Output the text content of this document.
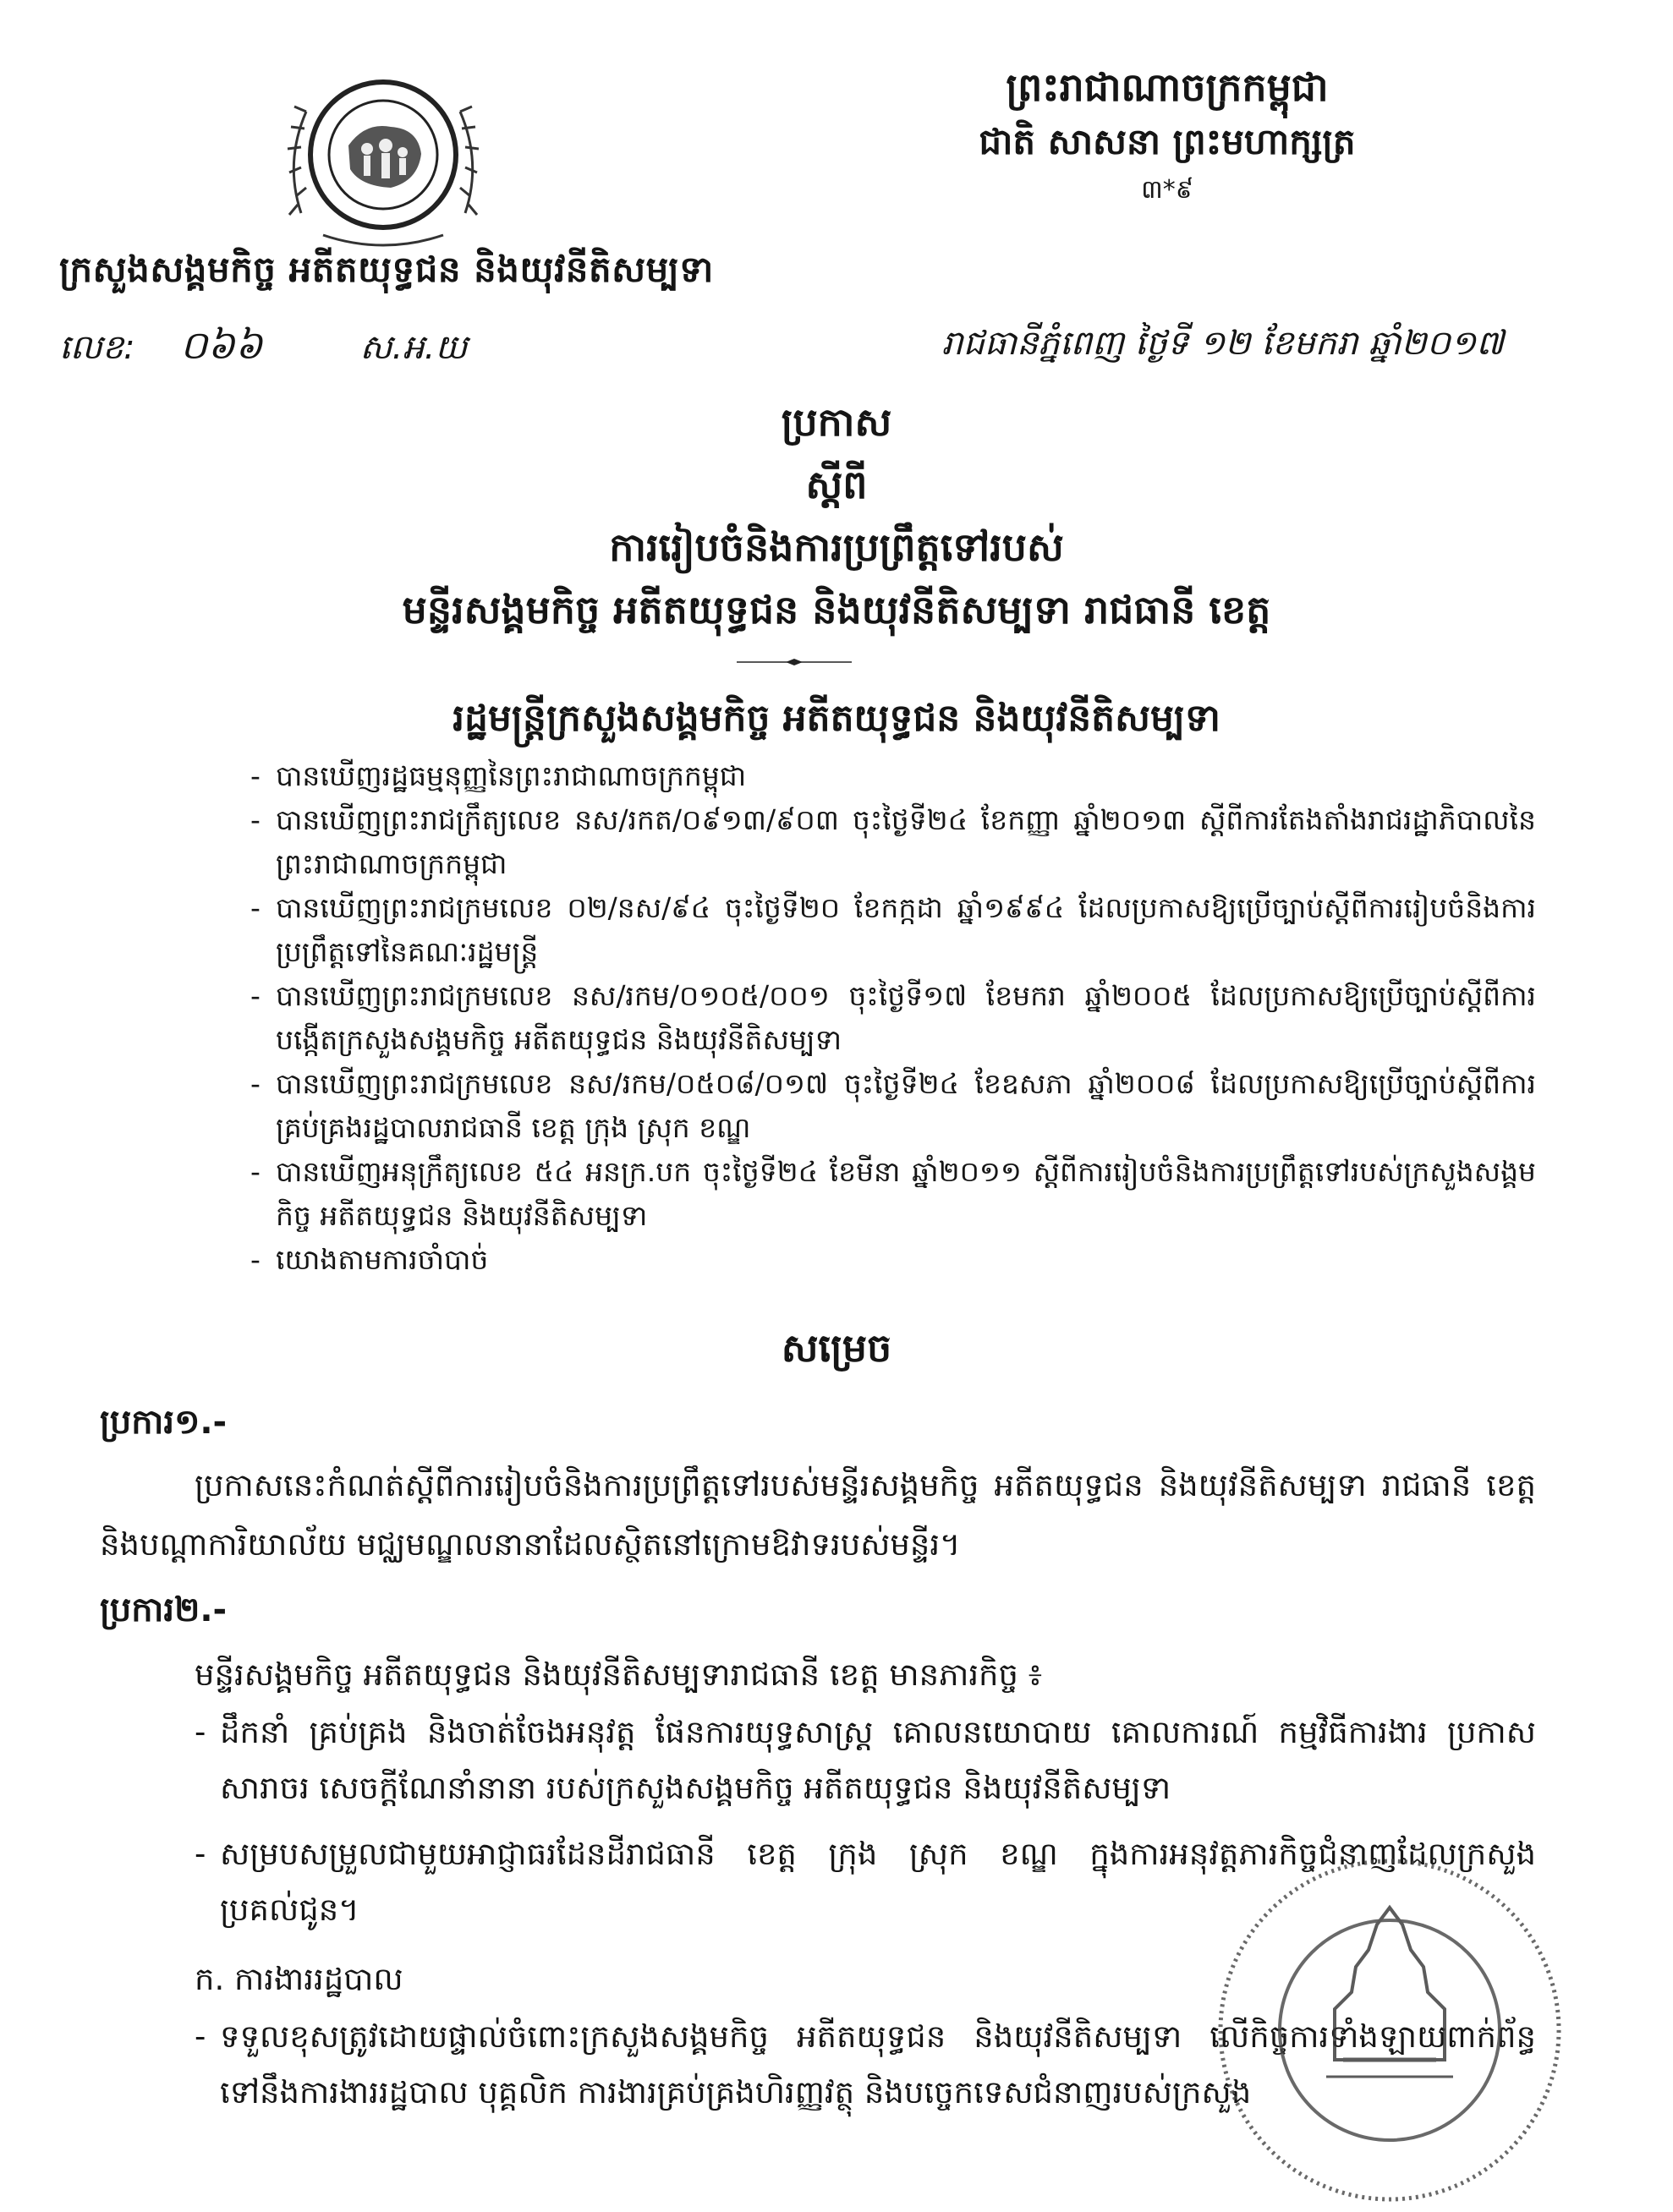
ក្រសួងសង្គមកិច្ច អតីតយុទ្ធជន និងយុវនីតិសម្បទា
ព្រះរាជាណាចក្រកម្ពុជា
ជាតិ សាសនា ព្រះមហាក្សត្រ
៣*៩
លេខ: ០៦៦	ស.អ.យ	រាជធានីភ្នំពេញ ថ្ងៃទី ១២ ខែមករា ឆ្នាំ២០១៧
ប្រកាស
ស្តីពី
ការរៀបចំនិងការប្រព្រឹត្តទៅរបស់
មន្ទីរសង្គមកិច្ច អតីតយុទ្ធជន និងយុវនីតិសម្បទា រាជធានី ខេត្ត
រដ្ឋមន្ត្រីក្រសួងសង្គមកិច្ច អតីតយុទ្ធជន និងយុវនីតិសម្បទា
- បានឃើញរដ្ឋធម្មនុញ្ញនៃព្រះរាជាណាចក្រកម្ពុជា
- បានឃើញព្រះរាជក្រឹត្យលេខ នស/រកត/០៩១៣/៩០៣ ចុះថ្ងៃទី២៤ ខែកញ្ញា ឆ្នាំ២០១៣ ស្តីពីការតែងតាំងរាជរដ្ឋាភិបាលនៃព្រះរាជាណាចក្រកម្ពុជា
- បានឃើញព្រះរាជក្រមលេខ ០២/នស/៩៤ ចុះថ្ងៃទី២០ ខែកក្កដា ឆ្នាំ១៩៩៤ ដែលប្រកាសឱ្យប្រើច្បាប់ស្តីពីការរៀបចំនិងការប្រព្រឹត្តទៅនៃគណៈរដ្ឋមន្ត្រី
- បានឃើញព្រះរាជក្រមលេខ នស/រកម/០១០៥/០០១ ចុះថ្ងៃទី១៧ ខែមករា ឆ្នាំ២០០៥ ដែលប្រកាសឱ្យប្រើច្បាប់ស្តីពីការបង្កើតក្រសួងសង្គមកិច្ច អតីតយុទ្ធជន និងយុវនីតិសម្បទា
- បានឃើញព្រះរាជក្រមលេខ នស/រកម/០៥០៨/០១៧ ចុះថ្ងៃទី២៤ ខែឧសភា ឆ្នាំ២០០៨ ដែលប្រកាសឱ្យប្រើច្បាប់ស្តីពីការគ្រប់គ្រងរដ្ឋបាលរាជធានី ខេត្ត ក្រុង ស្រុក ខណ្ឌ
- បានឃើញអនុក្រឹត្យលេខ ៥៤ អនក្រ.បក ចុះថ្ងៃទី២៤ ខែមីនា ឆ្នាំ២០១១ ស្តីពីការរៀបចំនិងការប្រព្រឹត្តទៅរបស់ក្រសួងសង្គមកិច្ច អតីតយុទ្ធជន និងយុវនីតិសម្បទា
- យោងតាមការចាំបាច់
សម្រេច
ប្រការ១.-
ប្រកាសនេះកំណត់ស្តីពីការរៀបចំនិងការប្រព្រឹត្តទៅរបស់មន្ទីរសង្គមកិច្ច អតីតយុទ្ធជន និងយុវនីតិសម្បទា រាជធានី ខេត្ត និងបណ្តាការិយាល័យ មជ្ឈមណ្ឌលនានាដែលស្ថិតនៅក្រោមឱវាទរបស់មន្ទីរ។
ប្រការ២.-
មន្ទីរសង្គមកិច្ច អតីតយុទ្ធជន និងយុវនីតិសម្បទារាជធានី ខេត្ត មានភារកិច្ច ៖
- ដឹកនាំ គ្រប់គ្រង និងចាត់ចែងអនុវត្ត ផែនការយុទ្ធសាស្ត្រ គោលនយោបាយ គោលការណ៍ កម្មវិធីការងារ ប្រកាស សារាចរ សេចក្តីណែនាំនានា របស់ក្រសួងសង្គមកិច្ច អតីតយុទ្ធជន និងយុវនីតិសម្បទា
- សម្របសម្រួលជាមួយអាជ្ញាធរដែនដីរាជធានី ខេត្ត ក្រុង ស្រុក ខណ្ឌ ក្នុងការអនុវត្តភារកិច្ចជំនាញដែលក្រសួងប្រគល់ជូន។
ក. ការងាររដ្ឋបាល
- ទទួលខុសត្រូវដោយផ្ទាល់ចំពោះក្រសួងសង្គមកិច្ច អតីតយុទ្ធជន និងយុវនីតិសម្បទា លើកិច្ចការទាំងឡាយពាក់ព័ន្ធទៅនឹងការងាររដ្ឋបាល បុគ្គលិក ការងារគ្រប់គ្រងហិរញ្ញវត្ថុ និងបច្ចេកទេសជំនាញរបស់ក្រសួង
